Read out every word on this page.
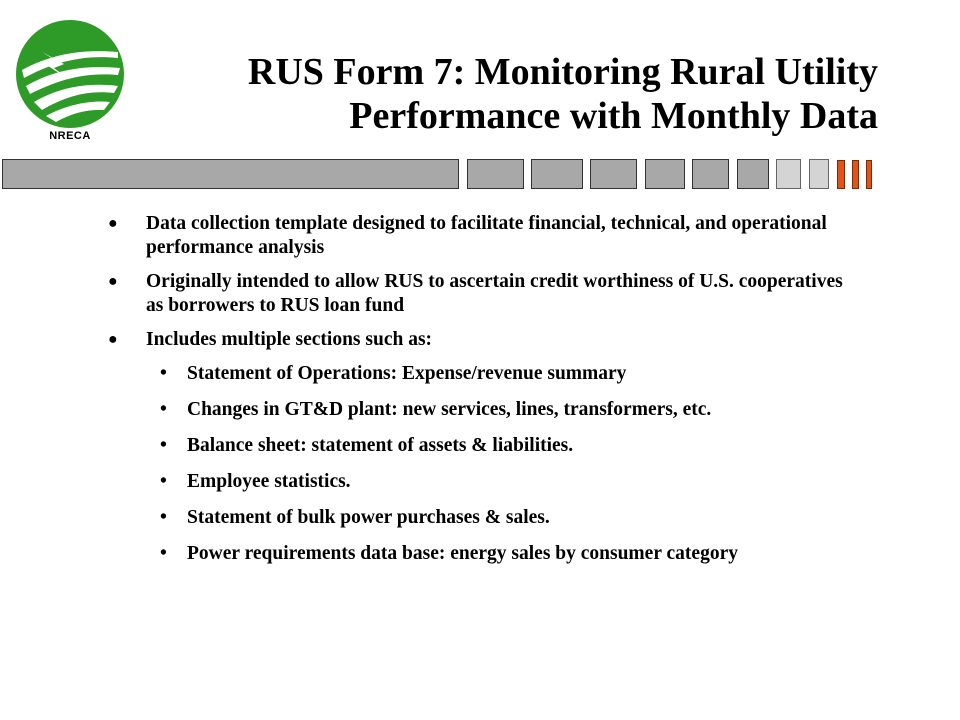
NRECA
RUS Form 7: Monitoring Rural Utility
Performance with Monthly Data
● Data collection template designed to facilitate financial, technical, and operational performance analysis
● Originally intended to allow RUS to ascertain credit worthiness of U.S. cooperatives as borrowers to RUS loan fund
● Includes multiple sections such as:
• Statement of Operations: Expense/revenue summary
• Changes in GT&D plant: new services, lines, transformers, etc.
• Balance sheet: statement of assets & liabilities.
• Employee statistics.
• Statement of bulk power purchases & sales.
• Power requirements data base: energy sales by consumer category
